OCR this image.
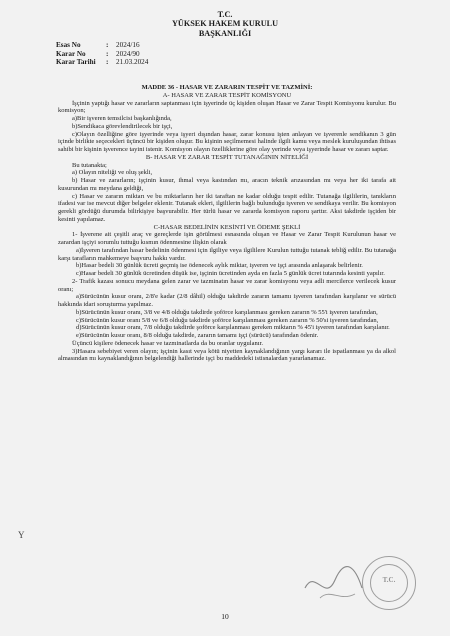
T.C.
YÜKSEK HAKEM KURULU
BAŞKANLIĞI
Esas No	:	2024/16
Karar No	:	2024/90
Karar Tarihi	:	21.03.2024

MADDE 36 - HASAR VE ZARARIN TESPİT VE TAZMİNİ:

A- HASAR VE ZARAR TESPİT KOMİSYONU

İşçinin yaptığı hasar ve zararların saptanması için işyerinde üç kişiden oluşan Hasar ve Zarar Tespit Komisyonu kurulur. Bu komisyon;

a)Bir işveren temsilcisi başkanlığında,

b)Sendikaca görevlendirilecek bir işçi,

c)Olayın özelliğine göre işyerinde veya işyeri dışından hasar, zarar konusu işten anlayan ve işverenle sendikanın 3 gün içinde birlikte seçecekleri üçüncü bir kişiden oluşur. Bu kişinin seçilmemesi halinde ilgili kamu veya meslek kuruluşundan ihtisas sahibi bir kişinin işverence tayini istenir. Komisyon olayın özelliklerine göre olay yerinde veya işyerinde hasar ve zararı saptar.

B- HASAR VE ZARAR TESPİT TUTANAĞININ NİTELİĞİ

Bu tutanakta;

a) Olayın niteliği ve oluş şekli,

b) Hasar ve zararların; işçinin kusur, ihmal veya kastından mı, aracın teknik arızasından mı veya her iki tarafa ait kusurundan mı meydana geldiği,

c) Hasar ve zararın miktarı ve bu miktarların her iki taraftan ne kadar olduğu tespit edilir. Tutanağa ilgililerin, tanıkların ifadesi var ise mevcut diğer belgeler eklenir. Tutanak ekleri, ilgililerin bağlı bulunduğu işveren ve sendikaya verilir. Bu komisyon gerekli gördüğü durumda bilirkişiye başvurabilir. Her türlü hasar ve zararda komisyon raporu şarttır. Aksi takdirde işçiden bir kesinti yapılamaz.

C-HASAR BEDELİNİN KESİNTİ VE ÖDEME ŞEKLİ

1- İşverene ait çeşitli araç ve gereçlerde işin görülmesi esnasında oluşan ve Hasar ve Zarar Tespit Kurulunun hasar ve zarardan işçiyi sorumlu tuttuğu kısmın ödenmesine ilişkin olarak

a)İşveren tarafından hasar bedelinin ödenmesi için ilgiliye veya ilgililere Kurulun tuttuğu tutanak tebliğ edilir. Bu tutanağa karşı tarafların mahkemeye başvuru hakkı vardır.

b)Hasar bedeli 30 günlük ücreti geçmiş ise ödenecek aylık miktar, işveren ve işçi arasında anlaşarak belirlenir.

c)Hasar bedeli 30 günlük ücretinden düşük ise, işçinin ücretinden ayda en fazla 5 günlük ücret tutarında kesinti yapılır.

2- Trafik kazası sonucu meydana gelen zarar ve tazminatın hasar ve zarar komisyonu veya adli mercilerce verilecek kusur oranı;

a)Sürücünün kusur oranı, 2/8'e kadar (2/8 dâhil) olduğu takdirde zararın tamamı işveren tarafından karşılanır ve sürücü hakkında idari soruşturma yapılmaz.

b)Sürücünün kusur oranı, 3/8 ve 4/8 olduğu takdirde şoförce karşılanması gereken zararın % 55'i işveren tarafından,

c)Sürücünün kusur oranı 5/8 ve 6/8 olduğu takdirde şoförce karşılanması gereken zararın % 50'si işveren tarafından,

d)Sürücünün kusur oranı, 7/8 olduğu takdirde şoförce karşılanması gereken miktarın % 45'i işveren tarafından karşılanır.

e)Sürücünün kusur oranı, 8/8 olduğu takdirde, zararın tamamı işçi (sürücü) tarafından ödenir.

Üçüncü kişilere ödenecek hasar ve tazminatlarda da bu oranlar uygulanır.

3)Hasara sebebiyet veren olayın; işçinin kasıt veya kötü niyetten kaynaklandığının yargı kararı ile ispatlanması ya da alkol almasından mı kaynaklandığının belgelendiği hallerinde işçi bu maddedeki istisnalardan yararlanamaz.

Y
T.C.
10
